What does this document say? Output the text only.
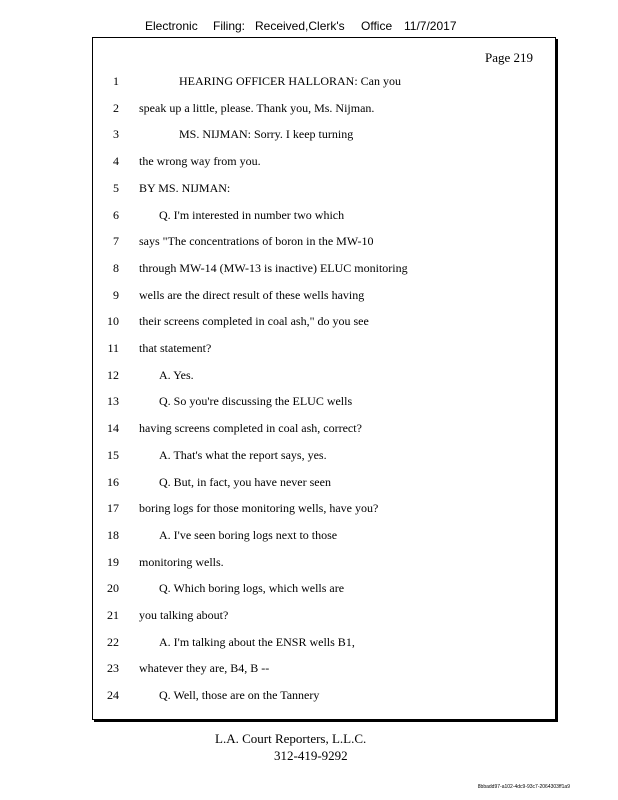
Electronic Filing: Received,Clerk's Office 11/7/2017
Page 219
1	HEARING OFFICER HALLORAN: Can you
2 speak up a little, please. Thank you, Ms. Nijman.
3	MS. NIJMAN: Sorry. I keep turning
4 the wrong way from you.
5 BY MS. NIJMAN:
6	Q. I'm interested in number two which
7 says "The concentrations of boron in the MW-10
8 through MW-14 (MW-13 is inactive) ELUC monitoring
9 wells are the direct result of these wells having
10 their screens completed in coal ash," do you see
11 that statement?
12	A. Yes.
13	Q. So you're discussing the ELUC wells
14 having screens completed in coal ash, correct?
15	A. That's what the report says, yes.
16	Q. But, in fact, you have never seen
17 boring logs for those monitoring wells, have you?
18	A. I've seen boring logs next to those
19 monitoring wells.
20	Q. Which boring logs, which wells are
21 you talking about?
22	A. I'm talking about the ENSR wells B1,
23 whatever they are, B4, B --
24	Q. Well, those are on the Tannery
L.A. Court Reporters, L.L.C.
312-419-9292
8bbadd97-a102-4dc9-93c7-2064303ff1a9
